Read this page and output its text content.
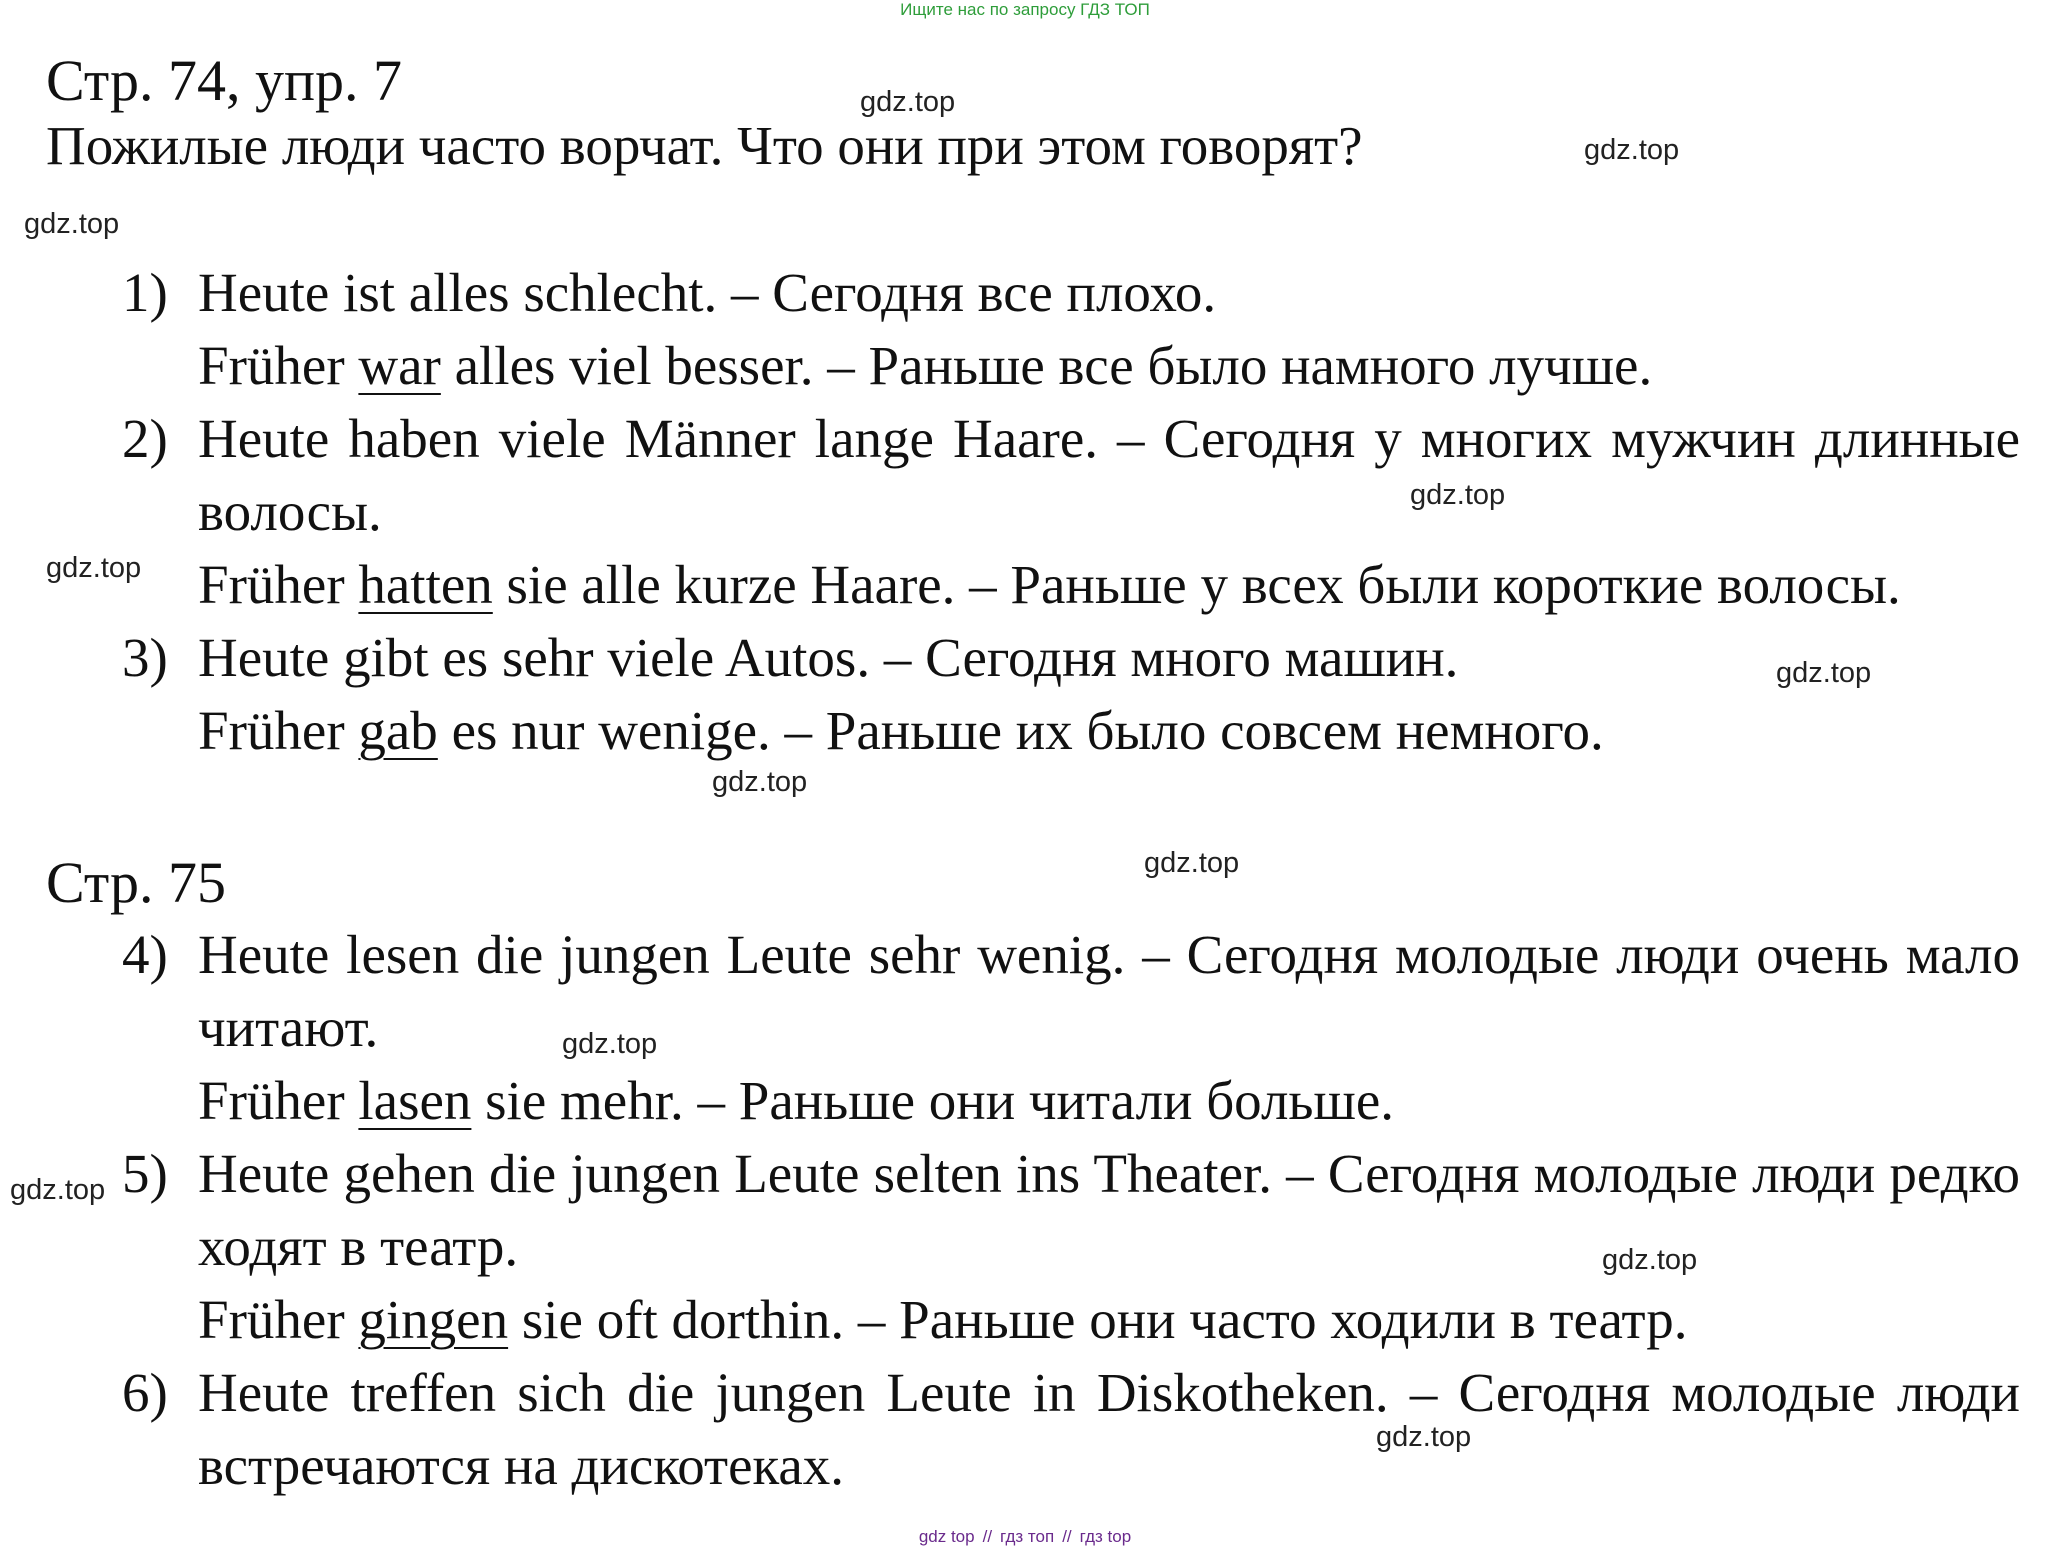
Ищите нас по запросу ГДЗ ТОП
Стр. 74, упр. 7
Пожилые люди часто ворчат. Что они при этом говорят?
1) Heute ist alles schlecht. – Сегодня все плохо.
Früher war alles viel besser. – Раньше все было намного лучше.
2) Heute haben viele Männer lange Haare. – Сегодня у многих мужчин длинные волосы.
Früher hatten sie alle kurze Haare. – Раньше у всех были короткие волосы.
3) Heute gibt es sehr viele Autos. – Сегодня много машин.
Früher gab es nur wenige. – Раньше их было совсем немного.
Стр. 75
4) Heute lesen die jungen Leute sehr wenig. – Сегодня молодые люди очень мало читают.
Früher lasen sie mehr. – Раньше они читали больше.
5) Heute gehen die jungen Leute selten ins Theater. – Сегодня молодые люди редко ходят в театр.
Früher gingen sie oft dorthin. – Раньше они часто ходили в театр.
6) Heute treffen sich die jungen Leute in Diskotheken. – Сегодня молодые люди встречаются на дискотеках.
gdz.top
gdz.top
gdz.top
gdz.top
gdz.top
gdz.top
gdz.top
gdz.top
gdz.top
gdz.top
gdz.top
gdz.top
gdz top // гдз топ // гдз top
